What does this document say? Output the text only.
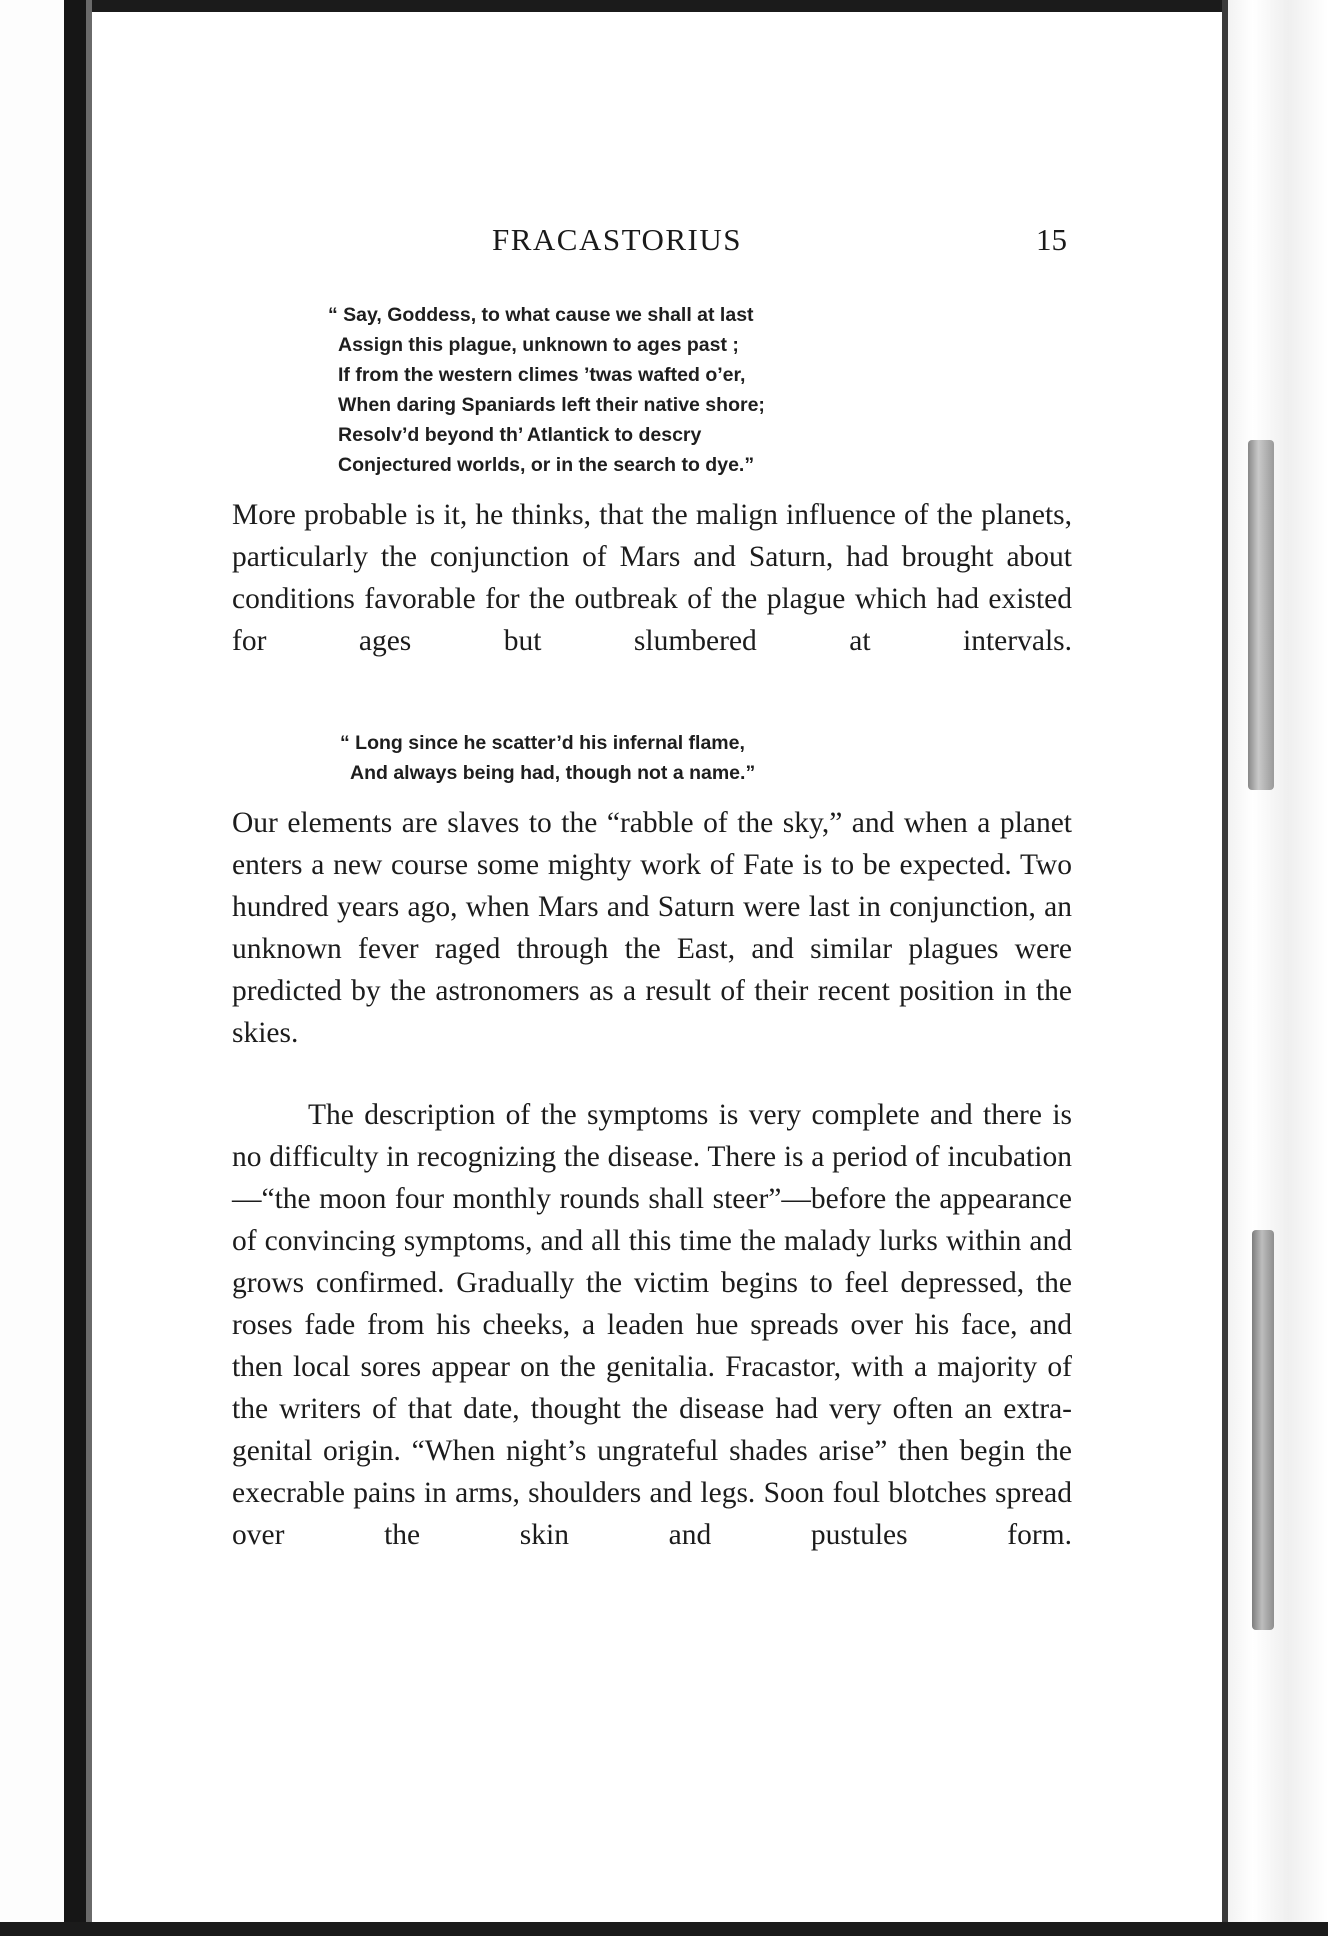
FRACASTORIUS	15
“ Say, Goddess, to what cause we shall at last
Assign this plague, unknown to ages past ;
If from the western climes ’twas wafted o’er,
When daring Spaniards left their native shore;
Resolv’d beyond th’ Atlantick to descry
Conjectured worlds, or in the search to dye.”

More probable is it, he thinks, that the malign influence of the planets, particularly the conjunction of Mars and Saturn, had brought about conditions favorable for the outbreak of the plague which had existed for ages but slumbered at intervals.

“ Long since he scatter’d his infernal flame,
And always being had, though not a name.”

Our elements are slaves to the “rabble of the sky,” and when a planet enters a new course some mighty work of Fate is to be expected. Two hundred years ago, when Mars and Saturn were last in conjunction, an unknown fever raged through the East, and similar plagues were predicted by the astronomers as a result of their recent position in the skies.

The description of the symptoms is very complete and there is no difficulty in recognizing the disease. There is a period of incubation—“the moon four monthly rounds shall steer”—before the appearance of convincing symptoms, and all this time the malady lurks within and grows confirmed. Gradually the victim begins to feel depressed, the roses fade from his cheeks, a leaden hue spreads over his face, and then local sores appear on the genitalia. Fracastor, with a majority of the writers of that date, thought the disease had very often an extra-genital origin. “When night’s ungrateful shades arise” then begin the execrable pains in arms, shoulders and legs. Soon foul blotches spread over the skin and pustules form.
